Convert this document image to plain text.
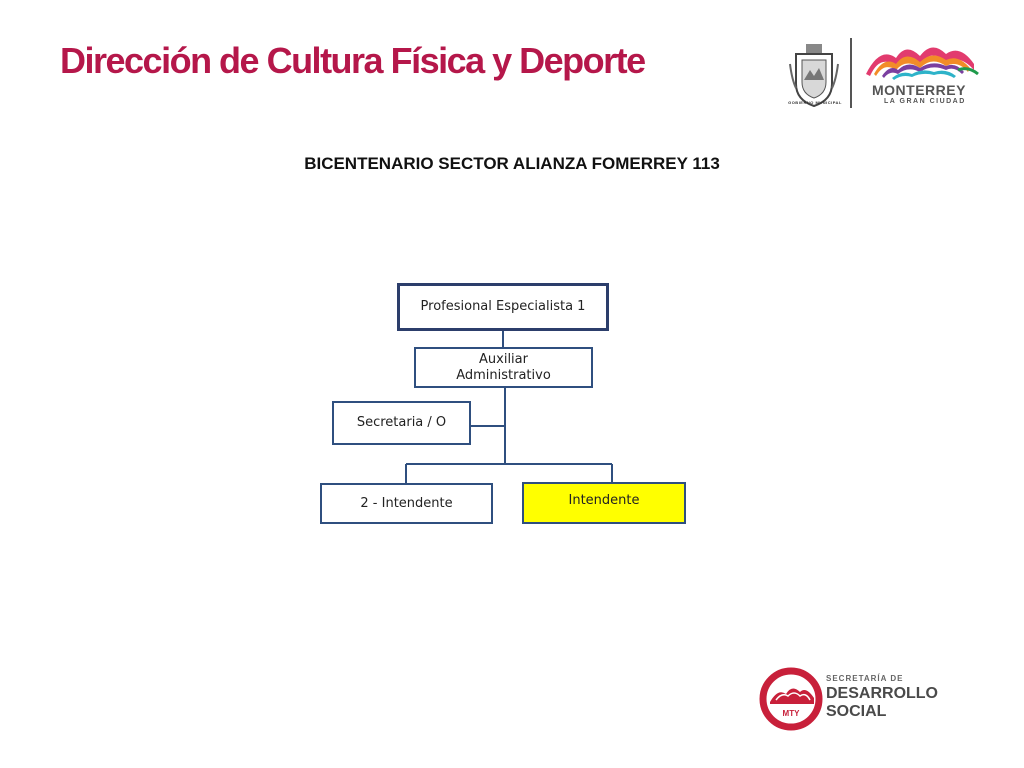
Dirección de Cultura Física y Deporte
GOBIERNO MUNICIPAL
MONTERREY
LA GRAN CIUDAD
BICENTENARIO SECTOR ALIANZA FOMERREY 113
Profesional Especialista 1
Auxiliar
Administrativo
Secretaria / O
2 - Intendente	Intendente
MTY
SECRETARÍA DE
DESARROLLO
SOCIAL
